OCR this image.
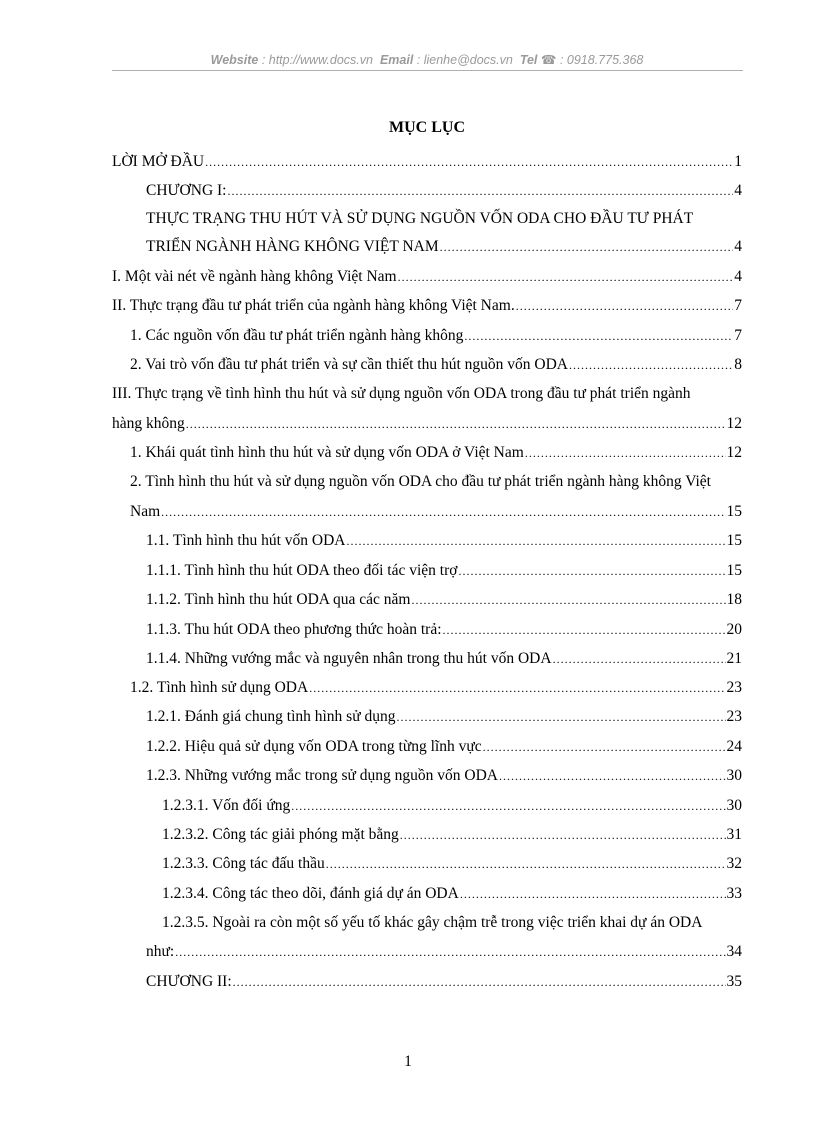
Website : http://www.docs.vn Email : lienhe@docs.vn Tel ☎ : 0918.775.368
MỤC LỤC
LỜI MỞ ĐẦU .....	1
CHƯƠNG I: .....	4
THỰC TRẠNG THU HÚT VÀ SỬ DỤNG NGUỒN VỐN ODA CHO ĐẦU TƯ PHÁT
TRIỂN NGÀNH HÀNG KHÔNG VIỆT NAM .....	4
I. Một vài nét về ngành hàng không Việt Nam .....	4
II. Thực trạng đầu tư phát triển của ngành hàng không Việt Nam. .....	7
1. Các nguồn vốn đầu tư phát triển ngành hàng không .....	7
2. Vai trò vốn đầu tư phát triển và sự cần thiết thu hút nguồn vốn ODA .....	8
III. Thực trạng về tình hình thu hút và sử dụng nguồn vốn ODA trong đầu tư phát triển ngành
hàng không .....	12
1. Khái quát tình hình thu hút và sử dụng vốn ODA ở Việt Nam .....	12
2. Tình hình thu hút và sử dụng nguồn vốn ODA cho đầu tư phát triển ngành hàng không Việt
Nam .....	15
1.1. Tình hình thu hút vốn ODA .....	15
1.1.1. Tình hình thu hút ODA theo đối tác viện trợ .....	15
1.1.2. Tình hình thu hút ODA qua các năm .....	18
1.1.3. Thu hút ODA theo phương thức hoàn trả: .....	20
1.1.4. Những vướng mắc và nguyên nhân trong thu hút vốn ODA .....	21
1.2. Tình hình sử dụng ODA .....	23
1.2.1. Đánh giá chung tình hình sử dụng .....	23
1.2.2. Hiệu quả sử dụng vốn ODA trong từng lĩnh vực .....	24
1.2.3. Những vướng mắc trong sử dụng nguồn vốn ODA .....	30
1.2.3.1. Vốn đối ứng .....	30
1.2.3.2. Công tác giải phóng mặt bằng .....	31
1.2.3.3. Công tác đấu thầu .....	32
1.2.3.4. Công tác theo dõi, đánh giá dự án ODA .....	33
1.2.3.5. Ngoài ra còn một số yếu tố khác gây chậm trễ trong việc triển khai dự án ODA
như: .....	34
CHƯƠNG II: .....	35
1
